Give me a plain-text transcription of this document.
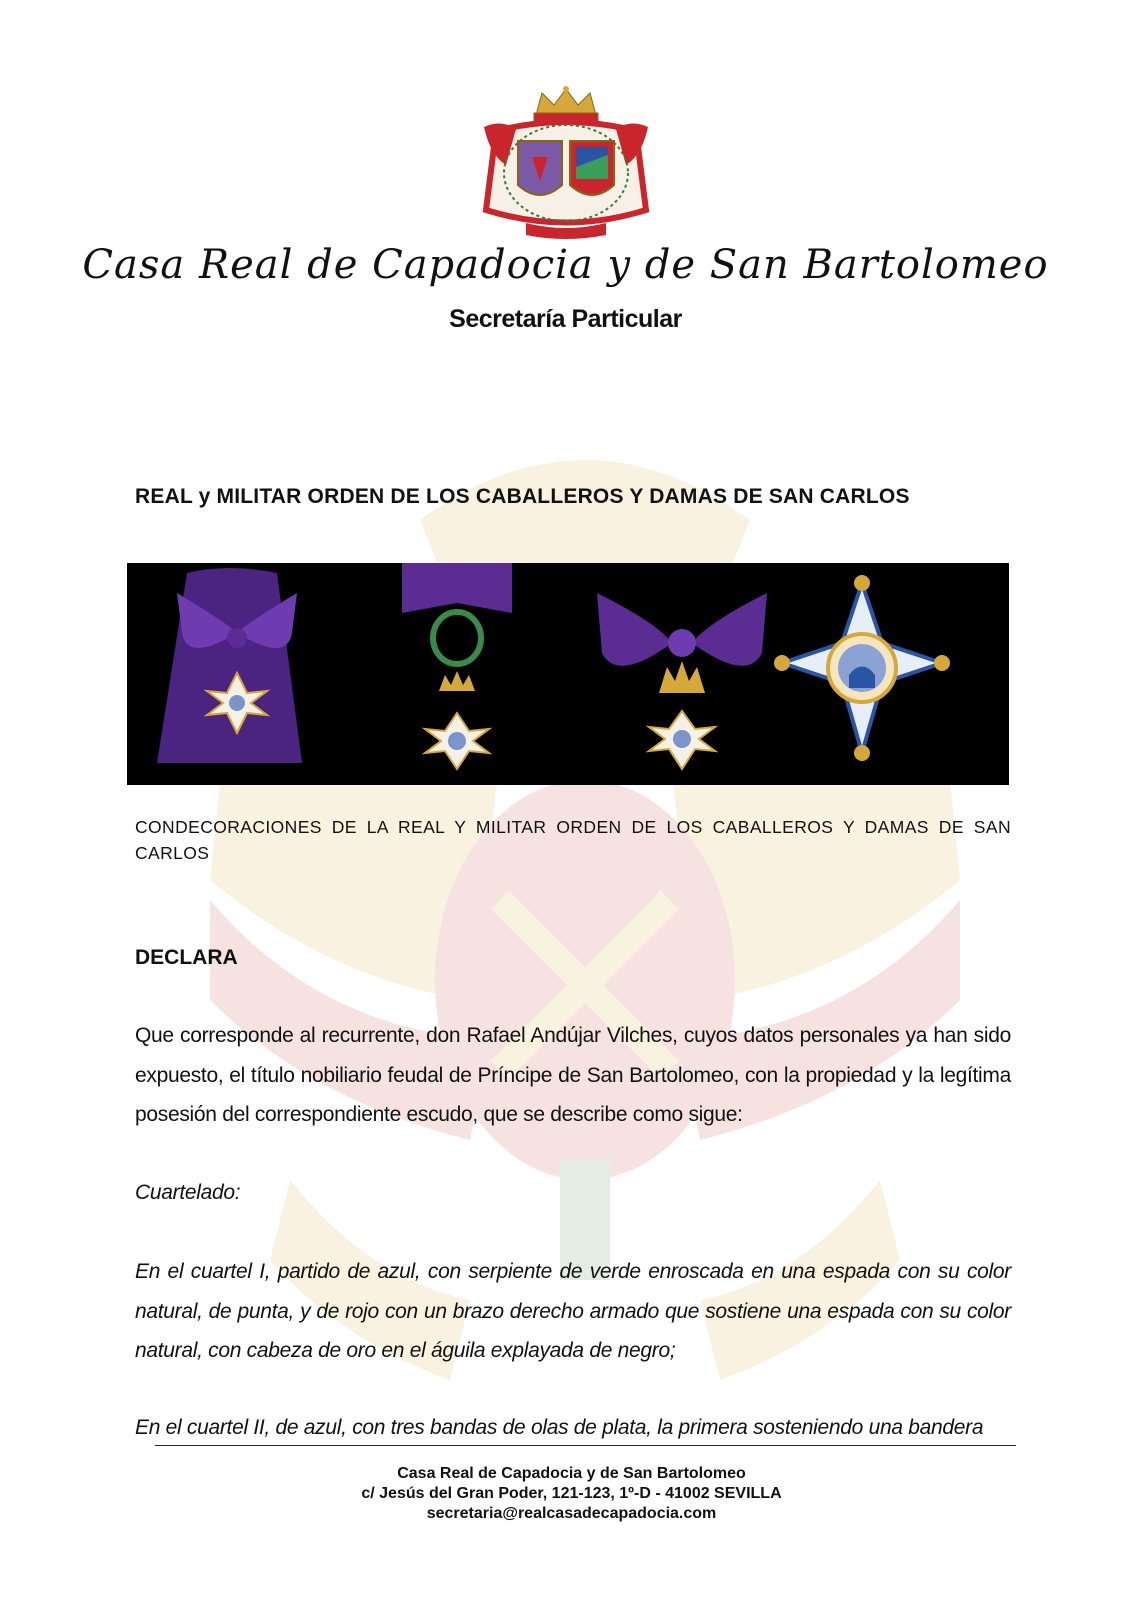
Casa Real de Capadocia y de San Bartolomeo
Secretaría Particular
REAL y MILITAR ORDEN DE LOS CABALLEROS Y DAMAS DE SAN CARLOS
CONDECORACIONES DE LA REAL Y MILITAR ORDEN DE LOS CABALLEROS Y DAMAS DE SAN CARLOS
DECLARA
Que corresponde al recurrente, don Rafael Andújar Vilches, cuyos datos personales ya han sido expuesto, el título nobiliario feudal de Príncipe de San Bartolomeo, con la propiedad y la legítima posesión del correspondiente escudo, que se describe como sigue:
Cuartelado:
En el cuartel I, partido de azul, con serpiente de verde enroscada en una espada con su color natural, de punta, y de rojo con un brazo derecho armado que sostiene una espada con su color natural, con cabeza de oro en el águila explayada de negro;
En el cuartel II, de azul, con tres bandas de olas de plata, la primera sosteniendo una bandera
Casa Real de Capadocia y de San Bartolomeo
c/ Jesús del Gran Poder, 121-123, 1º-D - 41002 SEVILLA
secretaria@realcasadecapadocia.com
